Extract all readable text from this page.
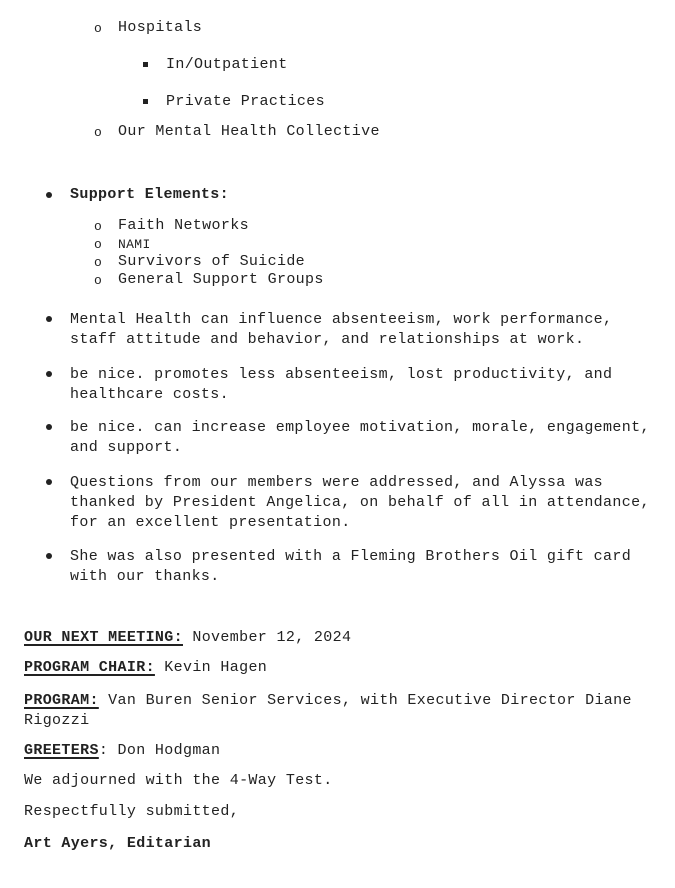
o Hospitals
In/Outpatient
Private Practices
o Our Mental Health Collective
Support Elements:
o Faith Networks
o NAMI
o Survivors of Suicide
o General Support Groups
Mental Health can influence absenteeism, work performance, staff attitude and behavior, and relationships at work.
be nice. promotes less absenteeism, lost productivity, and healthcare costs.
be nice. can increase employee motivation, morale, engagement, and support.
Questions from our members were addressed, and Alyssa was thanked by President Angelica, on behalf of all in attendance, for an excellent presentation.
She was also presented with a Fleming Brothers Oil gift card with our thanks.
OUR NEXT MEETING: November 12, 2024
PROGRAM CHAIR: Kevin Hagen
PROGRAM: Van Buren Senior Services, with Executive Director Diane Rigozzi
GREETERS: Don Hodgman
We adjourned with the 4-Way Test.
Respectfully submitted,
Art Ayers, Editarian
